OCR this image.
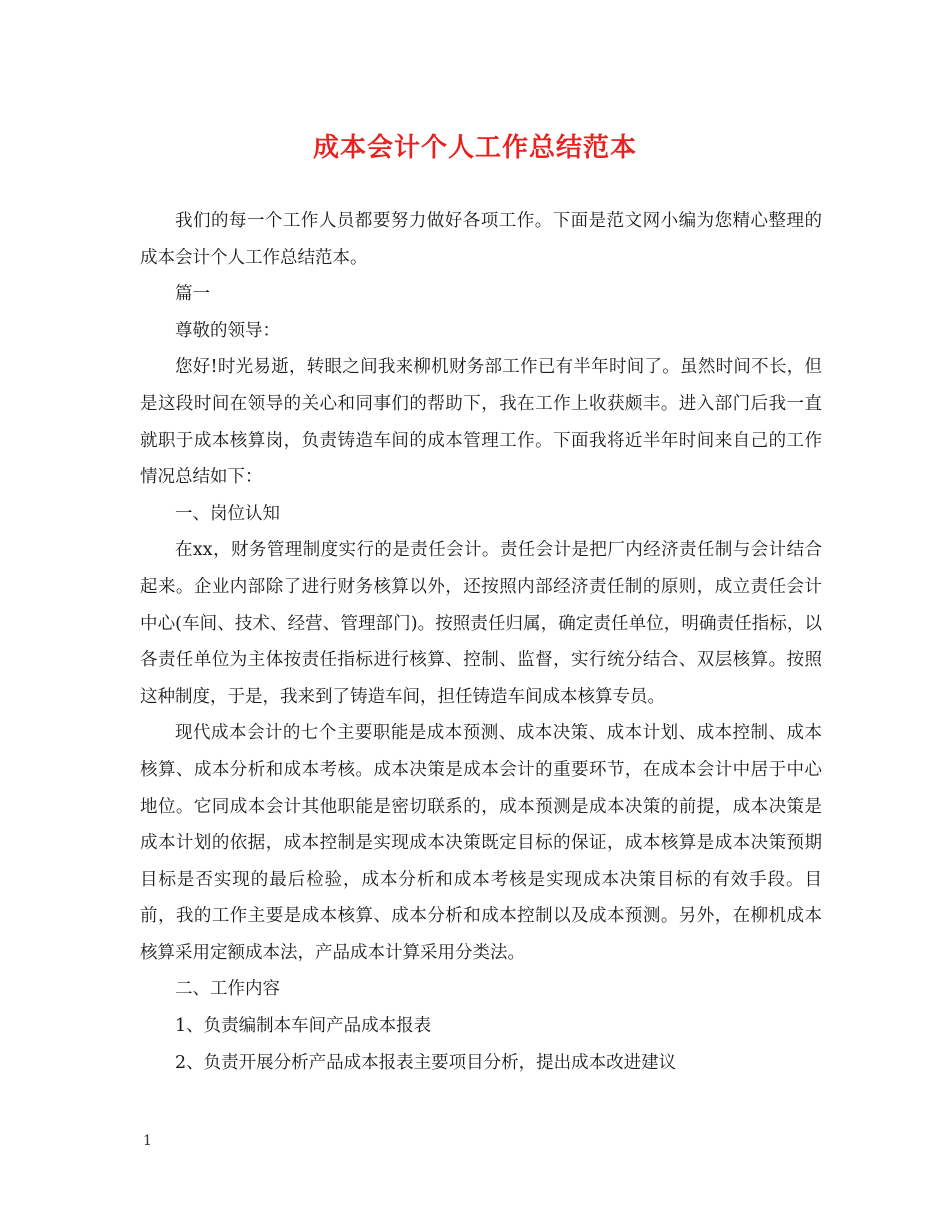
成本会计个人工作总结范本

我们的每一个工作人员都要努力做好各项工作。下面是范文网小编为您精心整理的成本会计个人工作总结范本。

篇一

尊敬的领导：

您好!时光易逝，转眼之间我来柳机财务部工作已有半年时间了。虽然时间不长，但是这段时间在领导的关心和同事们的帮助下，我在工作上收获颇丰。进入部门后我一直就职于成本核算岗，负责铸造车间的成本管理工作。下面我将近半年时间来自己的工作情况总结如下：

一、岗位认知

在xx，财务管理制度实行的是责任会计。责任会计是把厂内经济责任制与会计结合起来。企业内部除了进行财务核算以外，还按照内部经济责任制的原则，成立责任会计中心(车间、技术、经营、管理部门)。按照责任归属，确定责任单位，明确责任指标，以各责任单位为主体按责任指标进行核算、控制、监督，实行统分结合、双层核算。按照这种制度，于是，我来到了铸造车间，担任铸造车间成本核算专员。

现代成本会计的七个主要职能是成本预测、成本决策、成本计划、成本控制、成本核算、成本分析和成本考核。成本决策是成本会计的重要环节，在成本会计中居于中心地位。它同成本会计其他职能是密切联系的，成本预测是成本决策的前提，成本决策是成本计划的依据，成本控制是实现成本决策既定目标的保证，成本核算是成本决策预期目标是否实现的最后检验，成本分析和成本考核是实现成本决策目标的有效手段。目前，我的工作主要是成本核算、成本分析和成本控制以及成本预测。另外，在柳机成本核算采用定额成本法，产品成本计算采用分类法。

二、工作内容

1、负责编制本车间产品成本报表

2、负责开展分析产品成本报表主要项目分析，提出成本改进建议

1
